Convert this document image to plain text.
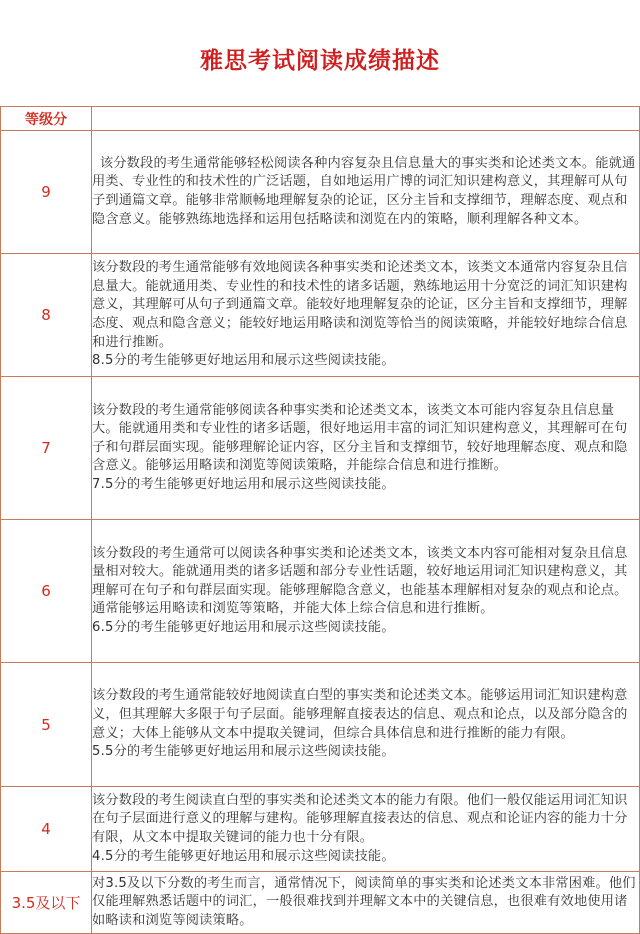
雅思考试阅读成绩描述
等级分	
9	该分数段的考生通常能够轻松阅读各种内容复杂且信息量大的事实类和论述类文本。能就通用类、专业性的和技术性的广泛话题，自如地运用广博的词汇知识建构意义，其理解可从句子到通篇文章。能够非常顺畅地理解复杂的论证，区分主旨和支撑细节，理解态度、观点和隐含意义。能够熟练地选择和运用包括略读和浏览在内的策略，顺利理解各种文本。

8	该分数段的考生通常能够有效地阅读各种事实类和论述类文本，该类文本通常内容复杂且信息量大。能就通用类、专业性的和技术性的诸多话题，熟练地运用十分宽泛的词汇知识建构意义，其理解可从句子到通篇文章。能较好地理解复杂的论证，区分主旨和支撑细节，理解态度、观点和隐含意义；能较好地运用略读和浏览等恰当的阅读策略，并能较好地综合信息和进行推断。

8.5分的考生能够更好地运用和展示这些阅读技能。

7	该分数段的考生通常能够阅读各种事实类和论述类文本，该类文本可能内容复杂且信息量大。能就通用类和专业性的诸多话题，很好地运用丰富的词汇知识建构意义，其理解可在句子和句群层面实现。能够理解论证内容，区分主旨和支撑细节，较好地理解态度、观点和隐含意义。能够运用略读和浏览等阅读策略，并能综合信息和进行推断。

7.5分的考生能够更好地运用和展示这些阅读技能。

6	该分数段的考生通常可以阅读各种事实类和论述类文本，该类文本内容可能相对复杂且信息量相对较大。能就通用类的诸多话题和部分专业性话题，较好地运用词汇知识建构意义，其理解可在句子和句群层面实现。能够理解隐含意义，也能基本理解相对复杂的观点和论点。通常能够运用略读和浏览等策略，并能大体上综合信息和进行推断。

6.5分的考生能够更好地运用和展示这些阅读技能。

5	该分数段的考生通常能较好地阅读直白型的事实类和论述类文本。能够运用词汇知识建构意义，但其理解大多限于句子层面。能够理解直接表达的信息、观点和论点，以及部分隐含的意义；大体上能够从文本中提取关键词，但综合具体信息和进行推断的能力有限。

5.5分的考生能够更好地运用和展示这些阅读技能。

4	该分数段的考生阅读直白型的事实类和论述类文本的能力有限。他们一般仅能运用词汇知识在句子层面进行意义的理解与建构。能够理解直接表达的信息、观点和论证内容的能力十分有限，从文本中提取关键词的能力也十分有限。

4.5分的考生能够更好地运用和展示这些阅读技能。

3.5及以下	对3.5及以下分数的考生而言，通常情况下，阅读简单的事实类和论述类文本非常困难。他们仅能理解熟悉话题中的词汇，一般很难找到并理解文本中的关键信息，也很难有效地使用诸如略读和浏览等阅读策略。
